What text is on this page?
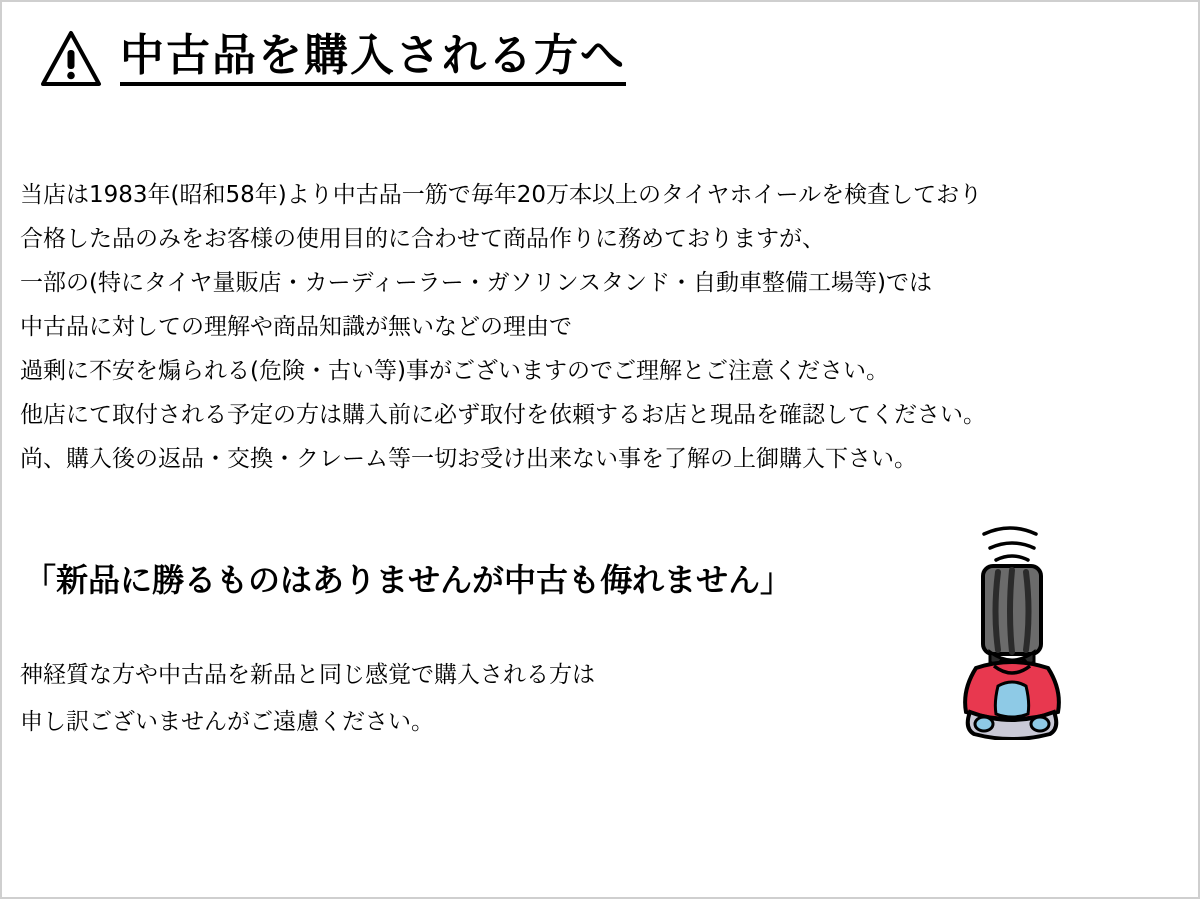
中古品を購入される方へ
当店は1983年(昭和58年)より中古品一筋で毎年20万本以上のタイヤホイールを検査しており
合格した品のみをお客様の使用目的に合わせて商品作りに務めておりますが、
一部の(特にタイヤ量販店・カーディーラー・ガソリンスタンド・自動車整備工場等)では
中古品に対しての理解や商品知識が無いなどの理由で
過剰に不安を煽られる(危険・古い等)事がございますのでご理解とご注意ください。
他店にて取付される予定の方は購入前に必ず取付を依頼するお店と現品を確認してください。
尚、購入後の返品・交換・クレーム等一切お受け出来ない事を了解の上御購入下さい。
「新品に勝るものはありませんが中古も侮れません」
神経質な方や中古品を新品と同じ感覚で購入される方は
申し訳ございませんがご遠慮ください。
